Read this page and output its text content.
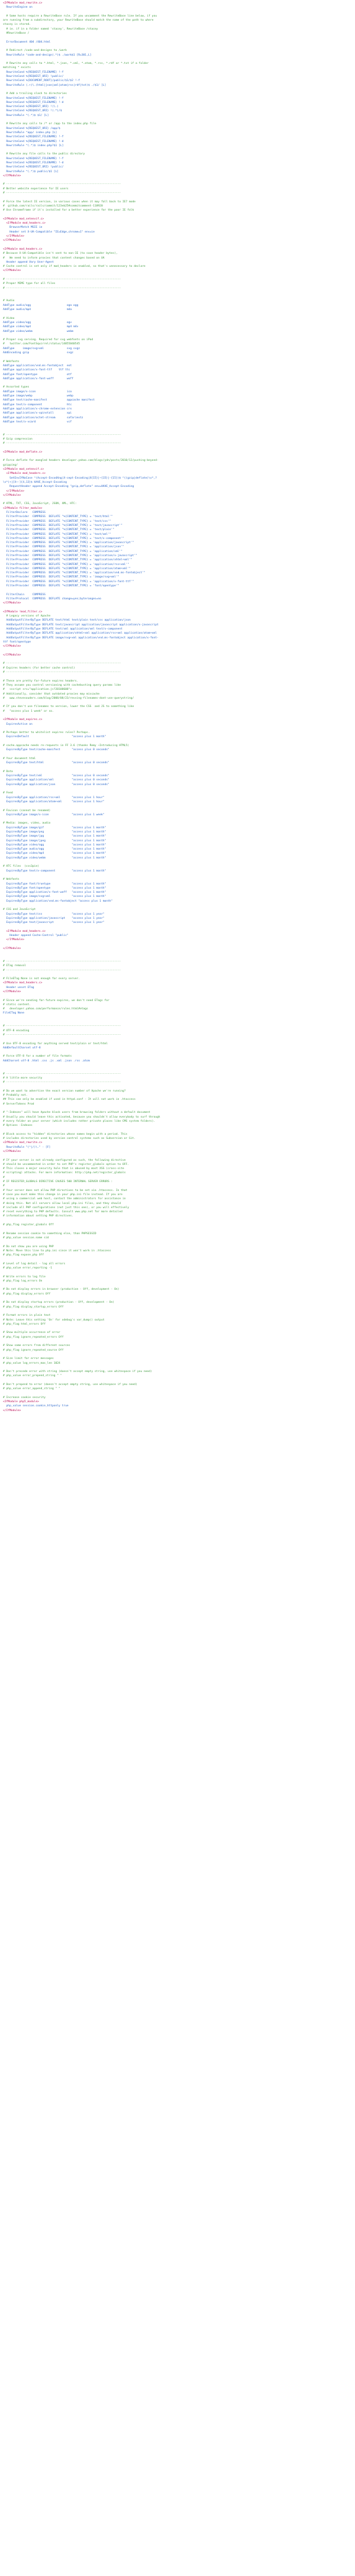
<IfModule mod_rewrite.c>
RewriteEngine on
# Some hosts require a RewriteBase rule. If you uncomment the RewriteBase line below, if you
are running from a subdirectory, your RewriteBase should match the name of the path to where
stacey is stored.
# ie. if in a folder named 'stacey', RewriteBase /stacey
#RewriteBase /
ErrorDocument 404 /404.html
# Redirect /code-and-designs to /work
RewriteRule ^code-and-design(.*)$ ./work$1 [R=301,L]
# Rewrite any calls to *.html, *.json, *.xml, *.atom, *.rss, *.rdf or *.txt if a folder
matching * exists
RewriteCond %{REQUEST_FILENAME} !-f
RewriteCond %{REQUEST_URI} !public/
RewriteCond %{DOCUMENT_ROOT}/public/$1/$2 !-f
RewriteRule (.+)\.(html|json|xml|atom|rss|rdf|txt)$ ./$1/ [L]
# Add a trailing slash to directories
RewriteCond %{REQUEST_FILENAME} !-f
RewriteCond %{REQUEST_FILENAME} !-d
RewriteCond %{REQUEST_URI} !(\.)
RewriteCond %{REQUEST_URI} !(.*)/$
RewriteRule ^(.*)$ $1/ [L]
# Rewrite any calls to /* or /app to the index.php file
RewriteCond %{REQUEST_URI} /app/$
RewriteRule ^app/ index.php [L]
RewriteCond %{REQUEST_FILENAME} !-f
RewriteCond %{REQUEST_FILENAME} !-d
RewriteRule ^(.*)$ index.php?$1 [L]
# Rewrite any file calls to the public directory
RewriteCond %{REQUEST_FILENAME} !-f
RewriteCond %{REQUEST_FILENAME} !-d
RewriteCond %{REQUEST_URI} !public/
RewriteRule ^(.*)$ public/$1 [L]
</IfModule>
# ----------------------------------------------------------------------
# Better website experience for IE users
# ----------------------------------------------------------------------
# Force the latest IE version, in various cases when it may fall back to IE7 mode
#  github.com/rails/rails/commit/123eb25#commitcomment-118920
# Use ChromeFrame if it's installed for a better experience for the poor IE folk
<IfModule mod_setenvif.c>
<IfModule mod_headers.c>
BrowserMatch MSIE ie
Header set X-UA-Compatible "IE=Edge,chrome=1" env=ie
</IfModule>
</IfModule>
<IfModule mod_headers.c>
# Because X-UA-Compatible isn't sent to non-IE (to save header bytes),
#   We need to inform proxies that content changes based on UA
Header append Vary User-Agent
# Cache control is set only if mod_headers is enabled, so that's unnecessary to declare
</IfModule>
# ----------------------------------------------------------------------
# Proper MIME type for all files
# ----------------------------------------------------------------------
# Audio
AddType audio/ogg                      oga ogg
AddType audio/mp4                      m4a
# Video
AddType video/ogg                      ogv
AddType video/mp4                      mp4 m4v
AddType video/webm                     webm
# Proper svg serving. Required for svg webfonts on iPad
#   twitter.com/FontSquirrel/status/14855840545
AddType     image/svg+xml              svg svgz
AddEncoding gzip                       svgz
# Webfonts
AddType application/vnd.ms-fontobject  eot
AddType application/x-font-ttf    ttf ttc
AddType font/opentype                  otf
AddType application/x-font-woff        woff
# Assorted types
AddType image/x-icon                   ico
AddType image/webp                     webp
AddType text/cache-manifest            appcache manifest
AddType text/x-component               htc
AddType application/x-chrome-extension crx
AddType application/x-xpinstall        xpi
AddType application/octet-stream       safariextz
AddType text/x-vcard                   vcf
# ----------------------------------------------------------------------
# Gzip compression
# ----------------------------------------------------------------------
<IfModule mod_deflate.c>
# Force deflate for mangled headers developer.yahoo.com/blogs/ydn/posts/2010/12/pushing-beyond-
gzipping/
<IfModule mod_setenvif.c>
<IfModule mod_headers.c>
SetEnvIfNoCase ^(Accept-EncodXng|X-cept-Encoding|X{15}|~{15}|-{15})$ ^((gzip|deflate)\s*,?
\s*)+|[X~-]{4,13}$ HAVE_Accept-Encoding
RequestHeader append Accept-Encoding "gzip,deflate" env=HAVE_Accept-Encoding
</IfModule>
</IfModule>
# HTML, TXT, CSS, JavaScript, JSON, XML, HTC:
<IfModule filter_module>
FilterDeclare   COMPRESS
FilterProvider  COMPRESS  DEFLATE "%{CONTENT_TYPE} = 'text/html'"
FilterProvider  COMPRESS  DEFLATE "%{CONTENT_TYPE} = 'text/css'"
FilterProvider  COMPRESS  DEFLATE "%{CONTENT_TYPE} = 'text/javascript'"
FilterProvider  COMPRESS  DEFLATE "%{CONTENT_TYPE} = 'text/plain'"
FilterProvider  COMPRESS  DEFLATE "%{CONTENT_TYPE} = 'text/xml'"
FilterProvider  COMPRESS  DEFLATE "%{CONTENT_TYPE} = 'text/x-component'"
FilterProvider  COMPRESS  DEFLATE "%{CONTENT_TYPE} = 'application/javascript'"
FilterProvider  COMPRESS  DEFLATE "%{CONTENT_TYPE} = 'application/json'"
FilterProvider  COMPRESS  DEFLATE "%{CONTENT_TYPE} = 'application/xml'"
FilterProvider  COMPRESS  DEFLATE "%{CONTENT_TYPE} = 'application/x-javascript'"
FilterProvider  COMPRESS  DEFLATE "%{CONTENT_TYPE} = 'application/xhtml+xml'"
FilterProvider  COMPRESS  DEFLATE "%{CONTENT_TYPE} = 'application/rss+xml'"
FilterProvider  COMPRESS  DEFLATE "%{CONTENT_TYPE} = 'application/atom+xml'"
FilterProvider  COMPRESS  DEFLATE "%{CONTENT_TYPE} = 'application/vnd.ms-fontobject'"
FilterProvider  COMPRESS  DEFLATE "%{CONTENT_TYPE} = 'image/svg+xml'"
FilterProvider  COMPRESS  DEFLATE "%{CONTENT_TYPE} = 'application/x-font-ttf'"
FilterProvider  COMPRESS  DEFLATE "%{CONTENT_TYPE} = 'font/opentype'"
FilterChain     COMPRESS
FilterProtocol  COMPRESS  DEFLATE change=yes;byteranges=no
</IfModule>
<IfModule !mod_filter.c>
# Legacy versions of Apache
AddOutputFilterByType DEFLATE text/html text/plain text/css application/json
AddOutputFilterByType DEFLATE text/javascript application/javascript application/x-javascript
AddOutputFilterByType DEFLATE text/xml application/xml text/x-component
AddOutputFilterByType DEFLATE application/xhtml+xml application/rss+xml application/atom+xml
AddOutputFilterByType DEFLATE image/svg+xml application/vnd.ms-fontobject application/x-font-
ttf font/opentype
</IfModule>
</IfModule>
# ----------------------------------------------------------------------
# Expires headers (for better cache control)
# ----------------------------------------------------------------------
# These are pretty far-future expires headers.
# They assume you control versioning with cachebusting query params like
#   <script src="application.js?20100608">
# Additionally, consider that outdated proxies may miscache
#   www.stevesouders.com/blog/2008/08/23/revving-filenames-dont-use-querystring/
# If you don't use filenames to version, lower the CSS  and JS to something like
#   "access plus 1 week" or so.
<IfModule mod_expires.c>
ExpiresActive on
# Perhaps better to whitelist expires rules? Perhaps.
ExpiresDefault                          "access plus 1 month"
# cache.appcache needs re-requests in FF 3.6 (thanks Remy ~Introducing HTML5)
ExpiresByType text/cache-manifest       "access plus 0 seconds"
# Your document html
ExpiresByType text/html                 "access plus 0 seconds"
# Data
ExpiresByType text/xml                  "access plus 0 seconds"
ExpiresByType application/xml           "access plus 0 seconds"
ExpiresByType application/json          "access plus 0 seconds"
# Feed
ExpiresByType application/rss+xml       "access plus 1 hour"
ExpiresByType application/atom+xml      "access plus 1 hour"
# Favicon (cannot be renamed)
ExpiresByType image/x-icon              "access plus 1 week"
# Media: images, video, audio
ExpiresByType image/gif                 "access plus 1 month"
ExpiresByType image/png                 "access plus 1 month"
ExpiresByType image/jpg                 "access plus 1 month"
ExpiresByType image/jpeg                "access plus 1 month"
ExpiresByType video/ogg                 "access plus 1 month"
ExpiresByType audio/ogg                 "access plus 1 month"
ExpiresByType video/mp4                 "access plus 1 month"
ExpiresByType video/webm                "access plus 1 month"
# HTC files  (css3pie)
ExpiresByType text/x-component          "access plus 1 month"
# Webfonts
ExpiresByType font/truetype             "access plus 1 month"
ExpiresByType font/opentype             "access plus 1 month"
ExpiresByType application/x-font-woff   "access plus 1 month"
ExpiresByType image/svg+xml             "access plus 1 month"
ExpiresByType application/vnd.ms-fontobject "access plus 1 month"
# CSS and JavaScript
ExpiresByType text/css                  "access plus 1 year"
ExpiresByType application/javascript    "access plus 1 year"
ExpiresByType text/javascript           "access plus 1 year"
<IfModule mod_headers.c>
Header append Cache-Control "public"
</IfModule>
</IfModule>
# ----------------------------------------------------------------------
# ETag removal
# ----------------------------------------------------------------------
# FileETag None is not enough for every server.
<IfModule mod_headers.c>
Header unset ETag
</IfModule>
# Since we're sending far-future expires, we don't need ETags for
# static content.
#   developer.yahoo.com/performance/rules.html#etags
FileETag None
# ----------------------------------------------------------------------
# UTF-8 encoding
# ----------------------------------------------------------------------
# Use UTF-8 encoding for anything served text/plain or text/html
AddDefaultCharset utf-8
# Force UTF-8 for a number of file formats
AddCharset utf-8 .html .css .js .xml .json .rss .atom
# ----------------------------------------------------------------------
# A little more security
# ----------------------------------------------------------------------
# Do we want to advertise the exact version number of Apache we're running?
# Probably not.
## This can only be enabled if used in httpd.conf - It will not work in .htaccess
# ServerTokens Prod
# "-Indexes" will have Apache block users from browsing folders without a default document
# Usually you should leave this activated, because you shouldn't allow everybody to surf through
# every folder on your server (which includes rather private places like CMS system folders).
# Options -Indexes
# Block access to "hidden" directories whose names begin with a period. This
# includes directories used by version control systems such as Subversion or Git.
<IfModule mod_rewrite.c>
RewriteRule "(^|/)\." - [F]
</IfModule>
# If your server is not already configured as such, the following directive
# should be uncommented in order to set PHP's register_globals option to OFF.
# This closes a major security hole that is abused by most XSS (cross-site
# scripting) attacks. For more information: http://php.net/register_globals
#
# IF REGISTER_GLOBALS DIRECTIVE CAUSES 500 INTERNAL SERVER ERRORS :
#
# Your server does not allow PHP directives to be set via .htaccess. In that
# case you must make this change in your php.ini file instead. If you are
# using a commercial web host, contact the administrators for assistance in
# doing this. Not all servers allow local php.ini files, and they should
# include all PHP configurations (not just this one), or you will effectively
# reset everything to PHP defaults. Consult www.php.net for more detailed
# information about setting PHP directives.
# php_flag register_globals Off
# Rename session cookie to something else, than PHPSESSID
# php_value session.name sid
# Do not show you are using PHP
# Note: Move this line to php.ini since it won't work in .htaccess
# php_flag expose_php Off
# Level of log detail - log all errors
# php_value error_reporting -1
# Write errors to log file
# php_flag log_errors On
# Do not display errors in browser (production - Off, development - On)
# php_flag display_errors Off
# Do not display startup errors (production - Off, development - On)
# php_flag display_startup_errors Off
# Format errors in plain text
# Note: Leave this setting 'On' for xdebug's var_dump() output
# php_flag html_errors Off
# Show multiple occurrence of error
# php_flag ignore_repeated_errors Off
# Show same errors from different sources
# php_flag ignore_repeated_source Off
# Size limit for error messages
# php_value log_errors_max_len 1024
# Don't precede error with string (doesn't accept empty string, use whitespace if you need)
# php_value error_prepend_string " "
# Don't prepend to error (doesn't accept empty string, use whitespace if you need)
# php_value error_append_string " "
# Increase cookie security
<IfModule php5_module>
php_value session.cookie_httponly true
</IfModule>
